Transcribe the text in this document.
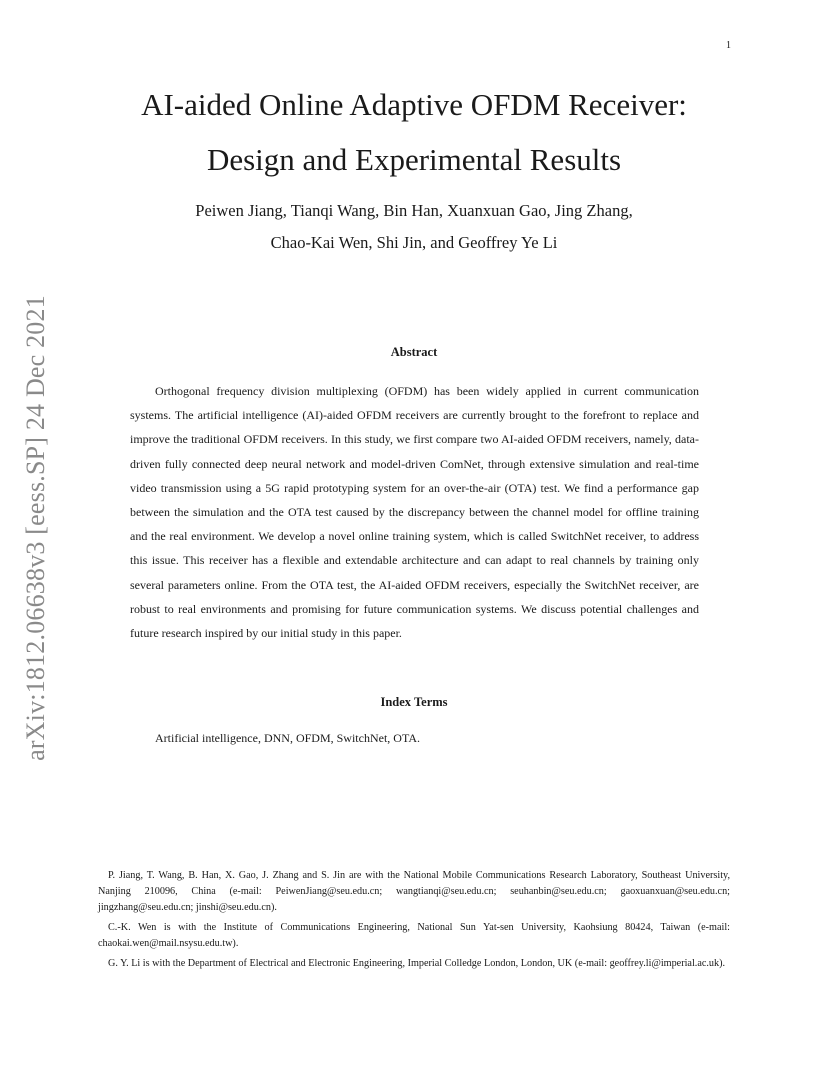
1
arXiv:1812.06638v3 [eess.SP] 24 Dec 2021
AI-aided Online Adaptive OFDM Receiver:
Design and Experimental Results
Peiwen Jiang, Tianqi Wang, Bin Han, Xuanxuan Gao, Jing Zhang,
Chao-Kai Wen, Shi Jin, and Geoffrey Ye Li
Abstract

Orthogonal frequency division multiplexing (OFDM) has been widely applied in current communication systems. The artificial intelligence (AI)-aided OFDM receivers are currently brought to the forefront to replace and improve the traditional OFDM receivers. In this study, we first compare two AI-aided OFDM receivers, namely, data-driven fully connected deep neural network and model-driven ComNet, through extensive simulation and real-time video transmission using a 5G rapid prototyping system for an over-the-air (OTA) test. We find a performance gap between the simulation and the OTA test caused by the discrepancy between the channel model for offline training and the real environment. We develop a novel online training system, which is called SwitchNet receiver, to address this issue. This receiver has a flexible and extendable architecture and can adapt to real channels by training only several parameters online. From the OTA test, the AI-aided OFDM receivers, especially the SwitchNet receiver, are robust to real environments and promising for future communication systems. We discuss potential challenges and future research inspired by our initial study in this paper.

Index Terms

Artificial intelligence, DNN, OFDM, SwitchNet, OTA.

P. Jiang, T. Wang, B. Han, X. Gao, J. Zhang and S. Jin are with the National Mobile Communications Research Laboratory, Southeast University, Nanjing 210096, China (e-mail: PeiwenJiang@seu.edu.cn; wangtianqi@seu.edu.cn; seuhanbin@seu.edu.cn; gaoxuanxuan@seu.edu.cn; jingzhang@seu.edu.cn; jinshi@seu.edu.cn).

C.-K. Wen is with the Institute of Communications Engineering, National Sun Yat-sen University, Kaohsiung 80424, Taiwan (e-mail: chaokai.wen@mail.nsysu.edu.tw).

G. Y. Li is with the Department of Electrical and Electronic Engineering, Imperial Colledge London, London, UK (e-mail: geoffrey.li@imperial.ac.uk).
